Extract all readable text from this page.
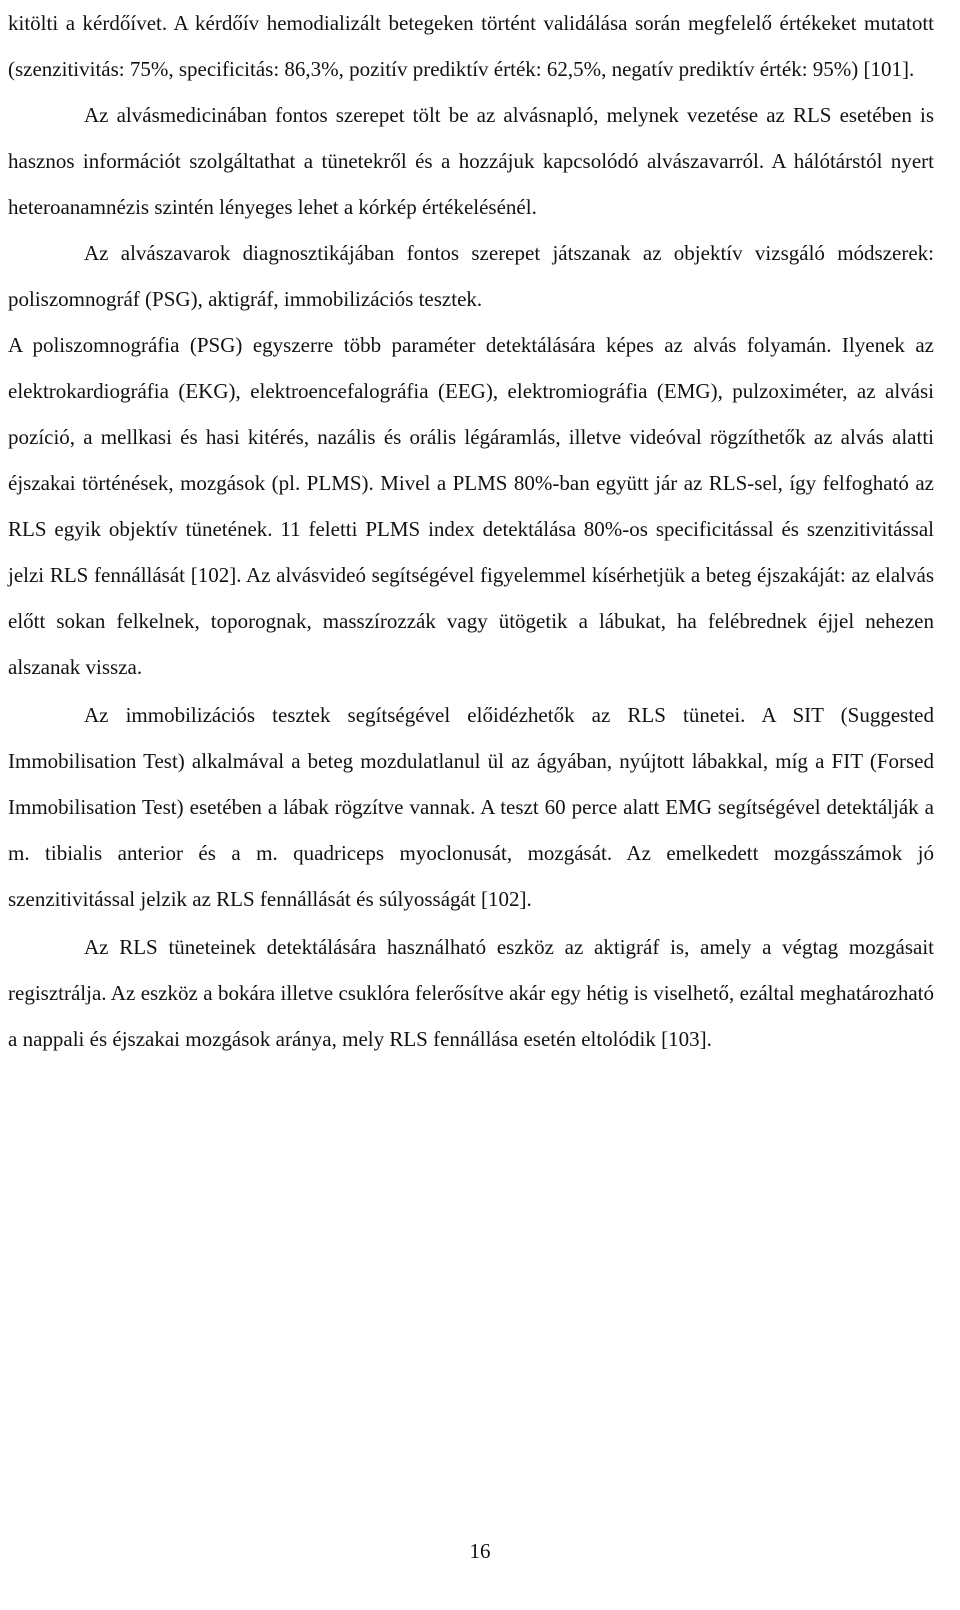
kitölti a kérdőívet. A kérdőív hemodializált betegeken történt validálása során megfelelő értékeket mutatott (szenzitivitás: 75%, specificitás: 86,3%, pozitív prediktív érték: 62,5%, negatív prediktív érték: 95%) [101].

Az alvásmedicinában fontos szerepet tölt be az alvásnapló, melynek vezetése az RLS esetében is hasznos információt szolgáltathat a tünetekről és a hozzájuk kapcsolódó alvászavarról. A hálótárstól nyert heteroanamnézis szintén lényeges lehet a kórkép értékelésénél.

Az alvászavarok diagnosztikájában fontos szerepet játszanak az objektív vizsgáló módszerek: poliszomnográf (PSG), aktigráf, immobilizációs tesztek.

A poliszomnográfia (PSG) egyszerre több paraméter detektálására képes az alvás folyamán. Ilyenek az elektrokardiográfia (EKG), elektroencefalográfia (EEG), elektromiográfia (EMG), pulzoximéter, az alvási pozíció, a mellkasi és hasi kitérés, nazális és orális légáramlás, illetve videóval rögzíthetők az alvás alatti éjszakai történések, mozgások (pl. PLMS). Mivel a PLMS 80%-ban együtt jár az RLS-sel, így felfogható az RLS egyik objektív tünetének. 11 feletti PLMS index detektálása 80%-os specificitással és szenzitivitással jelzi RLS fennállását [102]. Az alvásvideó segítségével figyelemmel kísérhetjük a beteg éjszakáját: az elalvás előtt sokan felkelnek, toporognak, masszírozzák vagy ütögetik a lábukat, ha felébrednek éjjel nehezen alszanak vissza.

Az immobilizációs tesztek segítségével előidézhetők az RLS tünetei. A SIT (Suggested Immobilisation Test) alkalmával a beteg mozdulatlanul ül az ágyában, nyújtott lábakkal, míg a FIT (Forsed Immobilisation Test) esetében a lábak rögzítve vannak. A teszt 60 perce alatt EMG segítségével detektálják a m. tibialis anterior és a m. quadriceps myoclonusát, mozgását. Az emelkedett mozgásszámok jó szenzitivitással jelzik az RLS fennállását és súlyosságát [102].

Az RLS tüneteinek detektálására használható eszköz az aktigráf is, amely a végtag mozgásait regisztrálja. Az eszköz a bokára illetve csuklóra felerősítve akár egy hétig is viselhető, ezáltal meghatározható a nappali és éjszakai mozgások aránya, mely RLS fennállása esetén eltolódik [103].

16
